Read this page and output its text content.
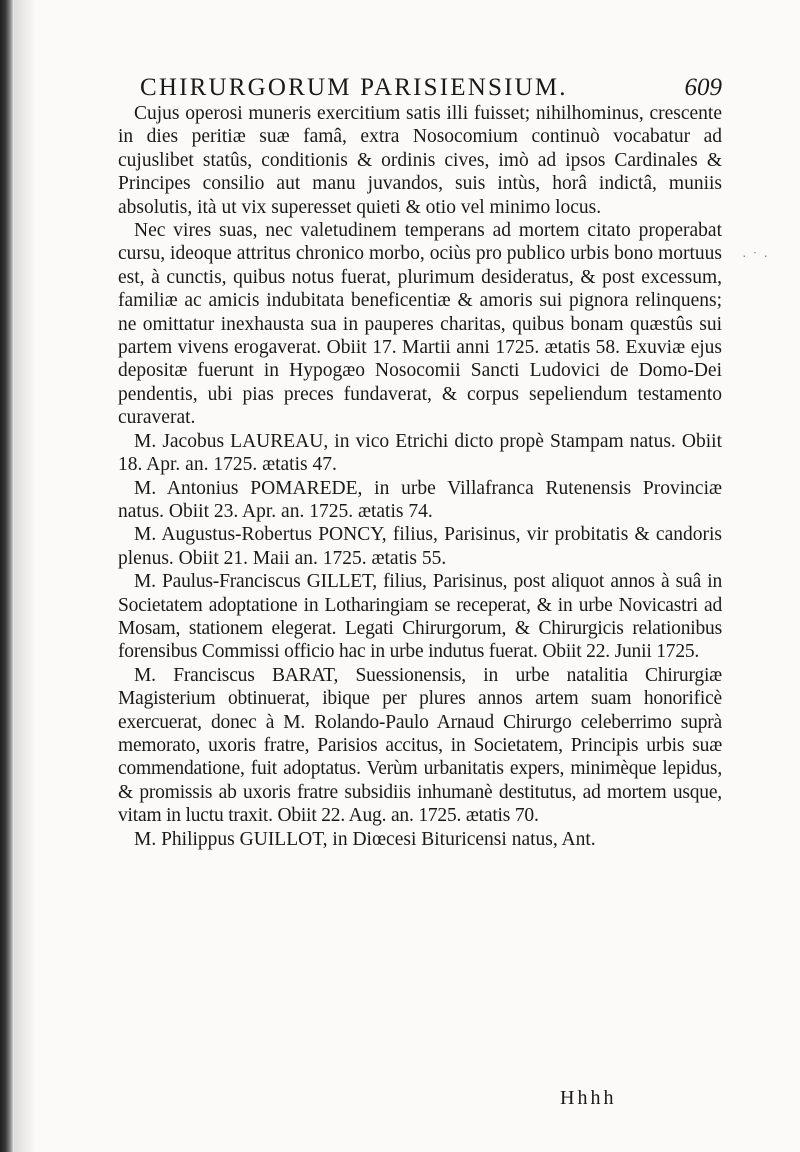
CHIRURGORUM PARISIENSIUM.	609

Cujus operosi muneris exercitium satis illi fuisset; nihilhominus, crescente in dies peritiæ suæ famâ, extra Nosocomium continuò vocabatur ad cujuslibet statûs, conditionis & ordinis cives, imò ad ipsos Cardinales & Principes consilio aut manu juvandos, suis intùs, horâ indictâ, muniis absolutis, ità ut vix superesset quieti & otio vel minimo locus.

Nec vires suas, nec valetudinem temperans ad mortem citato properabat cursu, ideoque attritus chronico morbo, ociùs pro publico urbis bono mortuus est, à cunctis, quibus notus fuerat, plurimum desideratus, & post excessum, familiæ ac amicis indubitata beneficentiæ & amoris sui pignora relinquens; ne omittatur inexhausta sua in pauperes charitas, quibus bonam quæstûs sui partem vivens erogaverat. Obiit 17. Martii anni 1725. ætatis 58. Exuviæ ejus depositæ fuerunt in Hypogæo Nosocomii Sancti Ludovici de Domo-Dei pendentis, ubi pias preces fundaverat, & corpus sepeliendum testamento curaverat.

M. Jacobus LAUREAU, in vico Etrichi dicto propè Stampam natus. Obiit 18. Apr. an. 1725. ætatis 47.

M. Antonius POMAREDE, in urbe Villafranca Rutenensis Provinciæ natus. Obiit 23. Apr. an. 1725. ætatis 74.

M. Augustus-Robertus PONCY, filius, Parisinus, vir probitatis & candoris plenus. Obiit 21. Maii an. 1725. ætatis 55.

M. Paulus-Franciscus GILLET, filius, Parisinus, post aliquot annos à suâ in Societatem adoptatione in Lotharingiam se receperat, & in urbe Novicastri ad Mosam, stationem elegerat. Legati Chirurgorum, & Chirurgicis relationibus forensibus Commissi officio hac in urbe indutus fuerat. Obiit 22. Junii 1725.

M. Franciscus BARAT, Suessionensis, in urbe natalitia Chirurgiæ Magisterium obtinuerat, ibique per plures annos artem suam honorificè exercuerat, donec à M. Rolando-Paulo Arnaud Chirurgo celeberrimo suprà memorato, uxoris fratre, Parisios accitus, in Societatem, Principis urbis suæ commendatione, fuit adoptatus. Verùm urbanitatis expers, minimèque lepidus, & promissis ab uxoris fratre subsidiis inhumanè destitutus, ad mortem usque, vitam in luctu traxit. Obiit 22. Aug. an. 1725. ætatis 70.

M. Philippus GUILLOT, in Diœcesi Bituricensi natus, Ant.

Hhhh
·˙·
